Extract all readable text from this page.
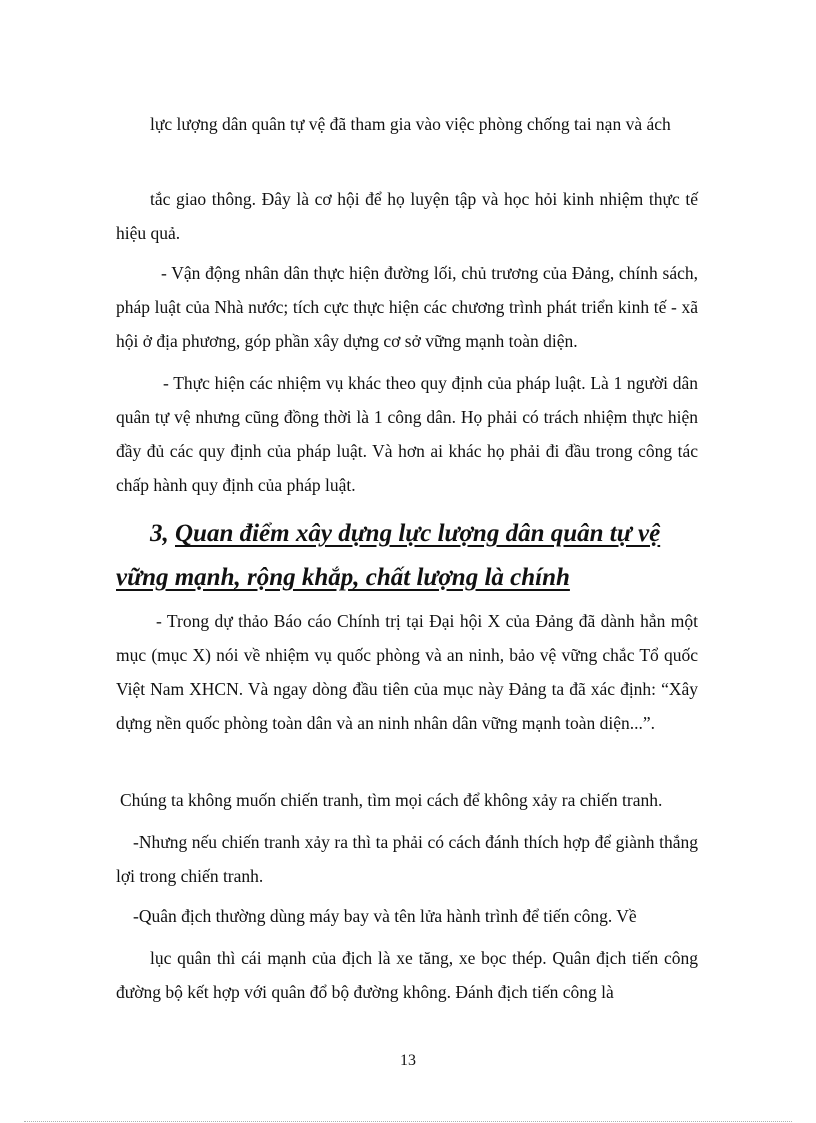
lực lượng dân quân tự vệ đã tham gia vào việc phòng chống tai nạn và ách

tắc giao thông. Đây là cơ hội để họ luyện tập và học hỏi kinh nhiệm thực tế hiệu quả.

- Vận động nhân dân thực hiện đường lối, chủ trương của Đảng, chính sách, pháp luật của Nhà nước; tích cực thực hiện các chương trình phát triển kinh tế - xã hội ở địa phương, góp phần xây dựng cơ sở vững mạnh toàn diện.

- Thực hiện các nhiệm vụ khác theo quy định của pháp luật. Là 1 người dân quân tự vệ nhưng cũng đồng thời là 1 công dân. Họ phải có trách nhiệm thực hiện đầy đủ các quy định của pháp luật. Và hơn ai khác họ phải đi đầu trong công tác chấp hành quy định của pháp luật.

3, Quan điểm xây dựng lực lượng dân quân tự vệ vững mạnh, rộng khắp, chất lượng là chính

- Trong dự thảo Báo cáo Chính trị tại Đại hội X của Đảng đã dành hẳn một mục (mục X) nói về nhiệm vụ quốc phòng và an ninh, bảo vệ vững chắc Tổ quốc Việt Nam XHCN. Và ngay dòng đầu tiên của mục này Đảng ta đã xác định: “Xây dựng nền quốc phòng toàn dân và an ninh nhân dân vững mạnh toàn diện...”.

Chúng ta không muốn chiến tranh, tìm mọi cách để không xảy ra chiến tranh.

-Nhưng nếu chiến tranh xảy ra thì ta phải có cách đánh thích hợp để giành thắng lợi trong chiến tranh.

-Quân địch thường dùng máy bay và tên lửa hành trình để tiến công. Về

lục quân thì cái mạnh của địch là xe tăng, xe bọc thép. Quân địch tiến công đường bộ kết hợp với quân đổ bộ đường không. Đánh địch tiến công là

13
